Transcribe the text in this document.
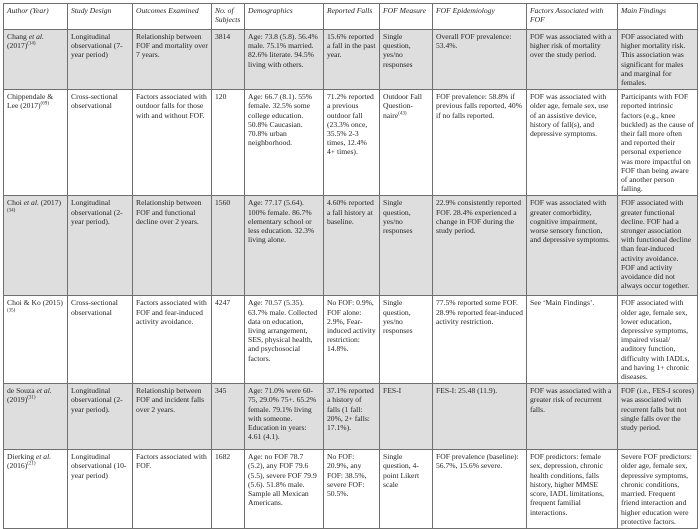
Author (Year)	Study Design	Outcomes Examined	No. of Subjects	Demographics	Reported Falls	FOF Measure	FOF Epidemiology	Factors Associated with FOF	Main Findings
Chang et al. $(2017)^{(14)}$	Longitudinal observational (7-year period)	Relationship between FOF and mortality over 7 years.	3814	Age: 73.8 (5.8). 56.4% male. 75.1% married. 82.6% literate. 94.5% living with others.	15.6% reported a fall in the past year.	Single question, yes/no responses	Overall FOF prevalence: 53.4%.	FOF was associated with a higher risk of mortality over the study period.	FOF associated with higher mortality risk. This association was significant for males and marginal for females.
Chippendale & Lee $(2017)^{(69)}$	Cross-sectional observational	Factors associated with outdoor falls for those with and without FOF.	120	Age: 66.7 (8.1). 55% female. 32.5% some college education. 50.8% Caucasian. 70.8% urban neighborhood.	71.2% reported a previous outdoor fall (23.3% once, 35.5% 2-3 times, 12.4% 4+ times).	Outdoor Fall Question-naire$^{(43)}$	FOF prevalence: 58.8% if previous falls reported, 40% if no falls reported.	FOF was associated with older age, female sex, use of an assistive device, history of fall(s), and depressive symptoms.	Participants with FOF reported intrinsic factors (e.g., knee buckled) as the cause of their fall more often and reported their personal experience was more impactful on FOF than being aware of another person falling.
Choi et al. $(2017)^{(34)}$	Longitudinal observational (2-year period).	Relationship between FOF and functional decline over 2 years.	1560	Age: 77.17 (5.64). 100% female. 86.7% elementary school or less education. 32.3% living alone.	4.60% reported a fall history at baseline.	Single question, yes/no responses	22.9% consistently reported FOF. 28.4% experienced a change in FOF during the study period.	FOF was associated with greater comorbidity, cognitive impairment, worse sensory function, and depressive symptoms.	FOF associated with greater functional decline. FOF had a stronger association with functional decline than fear-induced activity avoidance. FOF and activity avoidance did not always occur together.
Choi & Ko $(2015)^{(35)}$	Cross-sectional observational	Factors associated with FOF and fear-induced activity avoidance.	4247	Age: 70.57 (5.35). 63.7% male. Collected data on education, living arrangement, SES, physical health, and psychosocial factors.	No FOF: 0.9%, FOF alone: 2.9%, Fear-induced activity restriction: 14.8%.	Single question, yes/no responses	77.5% reported some FOF. 28.9% reported fear-induced activity restriction.	See ‘Main Findings’.	FOF associated with older age, female sex, lower education, depressive symptoms, impaired visual/ auditory function, difficulty with IADLs, and having 1+ chronic diseases.
de Souza et al. $(2019)^{(31)}$	Longitudinal observational (2-year period).	Relationship between FOF and incident falls over 2 years.	345	Age: 71.0% were 60-75, 29.0% 75+. 65.2% female. 79.1% living with someone. Education in years: 4.61 (4.1).	37.1% reported a history of falls (1 fall: 20%, 2+ falls: 17.1%).	FES-I	FES-I: 25.48 (11.9).	FOF was associated with a greater risk of recurrent falls.	FOF (i.e., FES-I scores) was associated with recurrent falls but not single falls over the study period.
Dierking et al. $(2016)^{(21)}$	Longitudinal observational (10-year period)	Factors associated with FOF.	1682	Age: no FOF 78.7 (5.2), any FOF 79.6 (5.5), severe FOF 79.9 (5.6). 51.8% male. Sample all Mexican Americans.	No FOF: 20.9%, any FOF: 38.5%, severe FOF: 50.5%.	Single question, 4-point Likert scale	FOF prevalence (baseline): 56.7%, 15.6% severe.	FOF predictors: female sex, depression, chronic health conditions, falls history, higher MMSE score, IADL limitations, frequent familial interactions.	Severe FOF predictors: older age, female sex, depressive symptoms, chronic conditions, married. Frequent friend interaction and higher education were protective factors.
